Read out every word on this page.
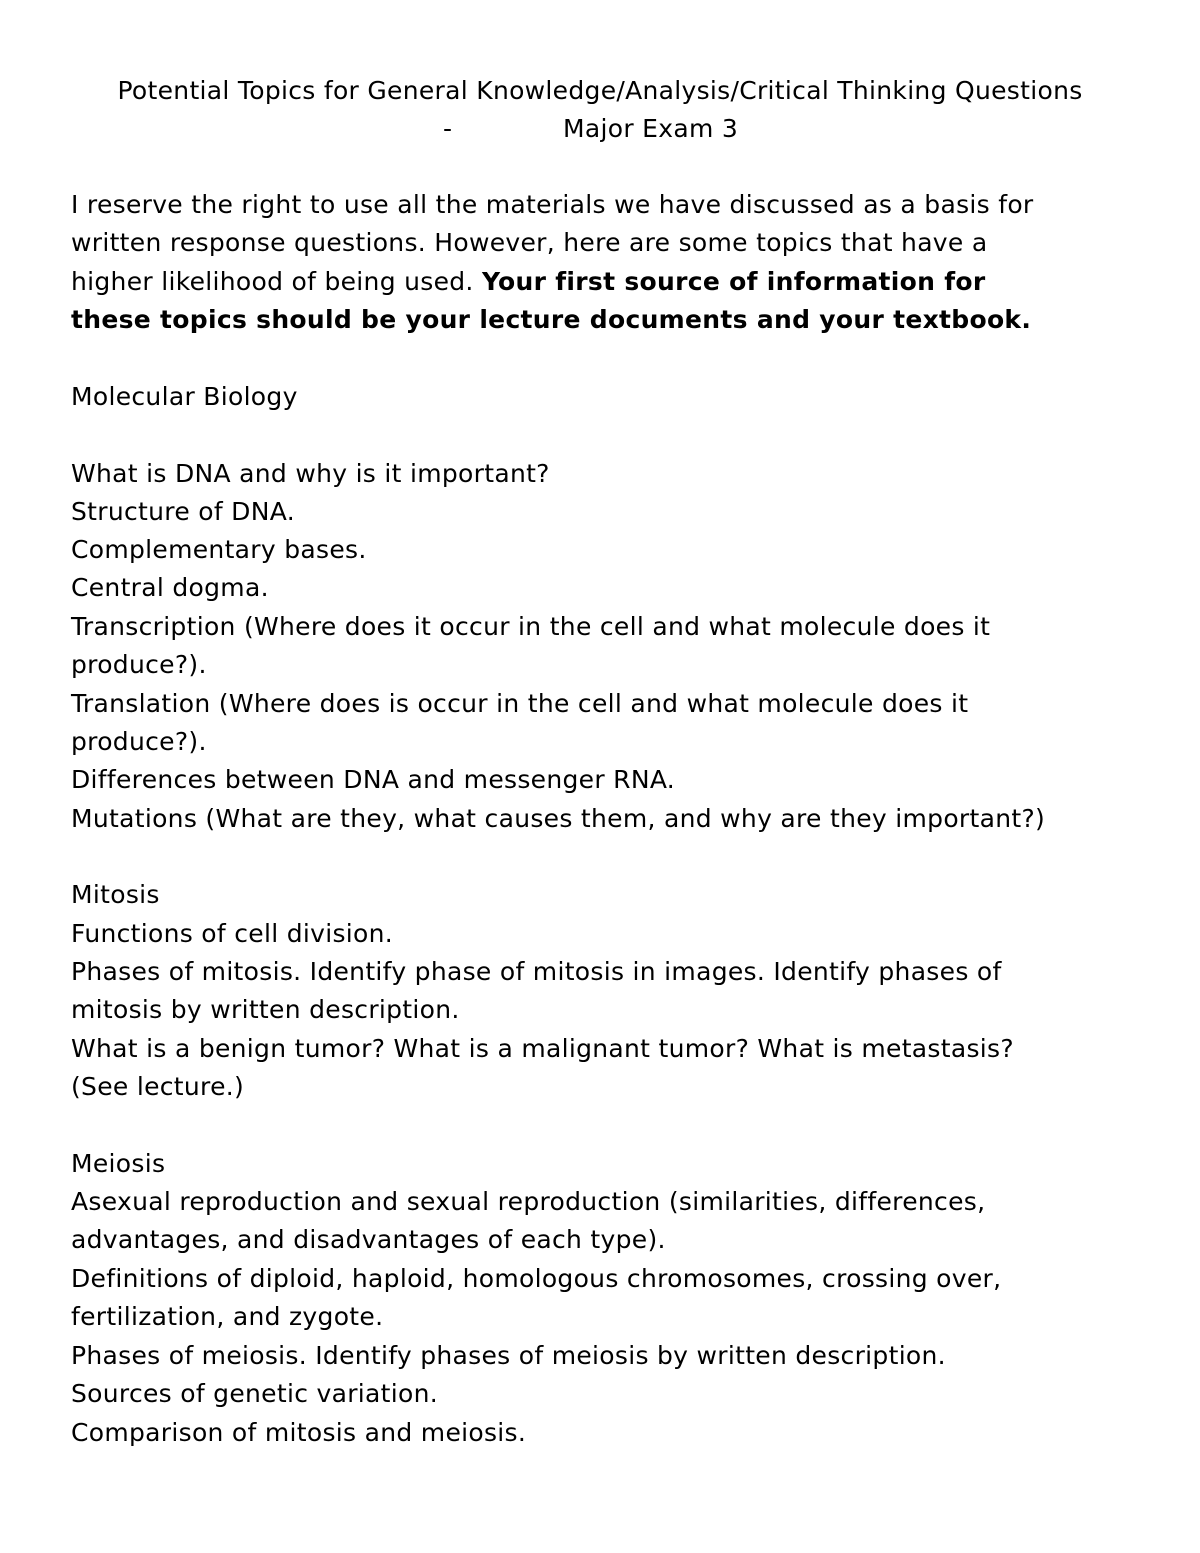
Potential Topics for General Knowledge/Analysis/Critical Thinking Questions
-	Major Exam 3
I reserve the right to use all the materials we have discussed as a basis for
written response questions. However, here are some topics that have a
higher likelihood of being used. Your first source of information for
these topics should be your lecture documents and your textbook.
Molecular Biology
What is DNA and why is it important?
Structure of DNA.
Complementary bases.
Central dogma.
Transcription (Where does it occur in the cell and what molecule does it
produce?).
Translation (Where does is occur in the cell and what molecule does it
produce?).
Differences between DNA and messenger RNA.
Mutations (What are they, what causes them, and why are they important?)
Mitosis
Functions of cell division.
Phases of mitosis. Identify phase of mitosis in images. Identify phases of
mitosis by written description.
What is a benign tumor? What is a malignant tumor? What is metastasis?
(See lecture.)
Meiosis
Asexual reproduction and sexual reproduction (similarities, differences,
advantages, and disadvantages of each type).
Definitions of diploid, haploid, homologous chromosomes, crossing over,
fertilization, and zygote.
Phases of meiosis. Identify phases of meiosis by written description.
Sources of genetic variation.
Comparison of mitosis and meiosis.
